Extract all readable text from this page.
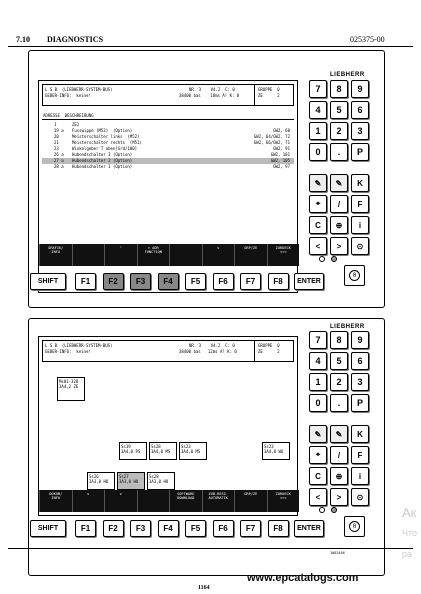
7.10 DIAGNOSTICS	025375-00
LIEBHERR
L S B  (LIEBHERR-SYSTEM-BUS)
GEBER-INFO:  keine!
NR. 3    V4.2  C: 0
38400 bas    18ms A! K: 0
GRUPPE  0
ZE      2
ADRESSE  BESCHREIBUNG
1	ZE2
19 a Fusswippe (M53)  (Option)	GW2, 60
20	Meisterschalter links  (M52)	GW2, 64/GW2, 72
21	Meisterschalter rechts  (M51)	GW2, 66/GW2, 71
23	Winkelgeber T oben[Grd/100]	GW2, 91
26 a Hubendschalter 3 (Option)	GW2, 101
27 a Hubendschalter 2 (Option)	GW2, 105
28 a Hubendschalter 1 (Option)	GW2, 97
GRAFIK/
INFO
^	> ADR
FUNCTION
v	GRP/ZE	ZURUECK
<<<
7	8	9
4	5	6
1	2	3
0	.	P
✎	✎	K
⌖	/	F
C	⊕	i
<	>	⊙
0
SHIFT	F1	F2	F3	F4	F5	F6	F7	F8	ENTER
LIEBHERR
L S B  (LIEBHERR-SYSTEM-BUS)
GEBER-INFO:  keine!
NR. 3    V4.2  C: 0
38400 bas   12ms A! K: 0
GRUPPE  0
ZE      2
Ms01-328
3A4,2 ZE
Ss19
3A4,0 PS
Ss28
3A4,0 MS
Ss23
3A4,0 MS
Ss23
3A4,0 W6
Ss26
3A3,0 HO
Ss27
3A3,0 HO
Ss28
3A3,0 HO
DOKUM/
INFO
v	v	SOFTWARE
DOWNLOAD
ZUB-RESZ.
AUTOMATIK
GRP/ZE	ZURUECK
<<<
7	8	9
4	5	6
1	2	3
0	.	P
✎	✎	K
⌖	/	F
C	⊕	i
<	>	⊙
0
SHIFT	F1	F2	F3	F4	F5	F6	F7	F8	ENTER
1002446
1164
www.epcatalogs.com
Ак
Что
ра
